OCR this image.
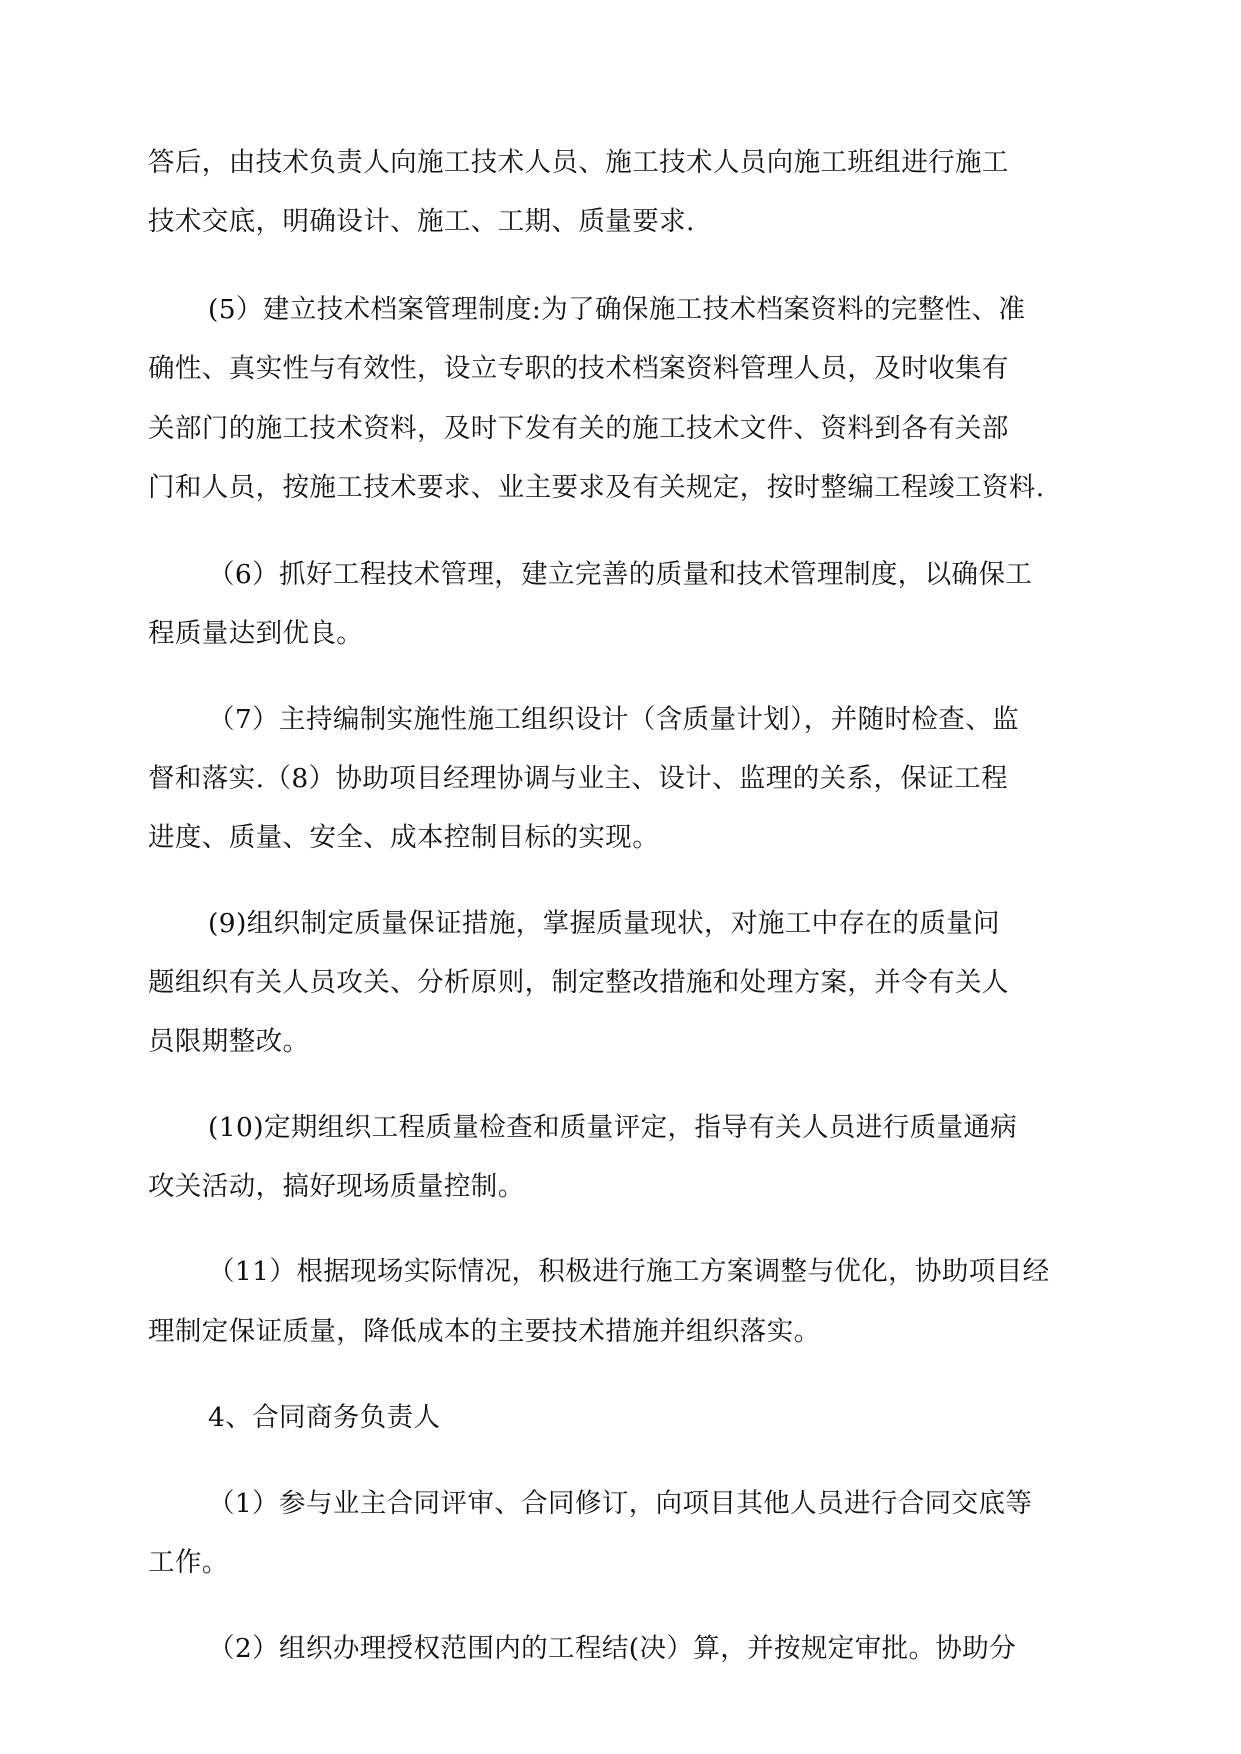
答后，由技术负责人向施工技术人员、施工技术人员向施工班组进行施工
技术交底，明确设计、施工、工期、质量要求.
(5）建立技术档案管理制度:为了确保施工技术档案资料的完整性、准
确性、真实性与有效性，设立专职的技术档案资料管理人员，及时收集有
关部门的施工技术资料，及时下发有关的施工技术文件、资料到各有关部
门和人员，按施工技术要求、业主要求及有关规定，按时整编工程竣工资料.
（6）抓好工程技术管理，建立完善的质量和技术管理制度，以确保工
程质量达到优良。
（7）主持编制实施性施工组织设计（含质量计划），并随时检查、监
督和落实.（8）协助项目经理协调与业主、设计、监理的关系，保证工程
进度、质量、安全、成本控制目标的实现。
(9)组织制定质量保证措施，掌握质量现状，对施工中存在的质量问
题组织有关人员攻关、分析原则，制定整改措施和处理方案，并令有关人
员限期整改。
(10)定期组织工程质量检查和质量评定，指导有关人员进行质量通病
攻关活动，搞好现场质量控制。
（11）根据现场实际情况，积极进行施工方案调整与优化，协助项目经
理制定保证质量，降低成本的主要技术措施并组织落实。
4、合同商务负责人
（1）参与业主合同评审、合同修订，向项目其他人员进行合同交底等
工作。
（2）组织办理授权范围内的工程结(决）算，并按规定审批。协助分
